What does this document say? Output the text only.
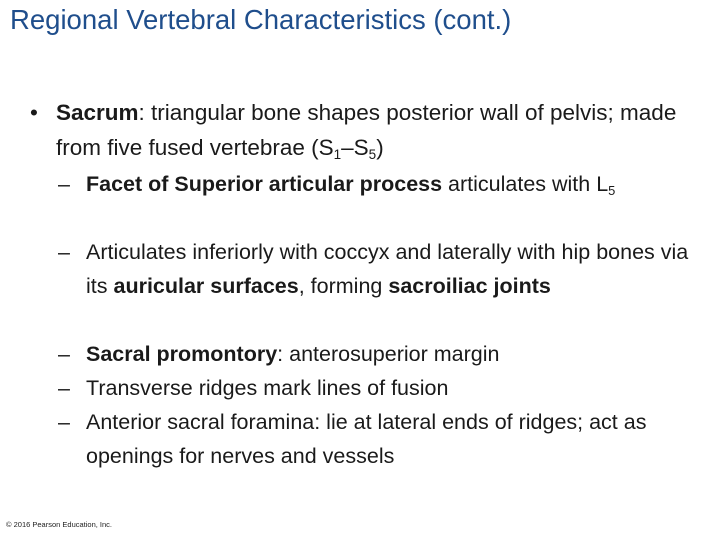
Regional Vertebral Characteristics (cont.)
• Sacrum: triangular bone shapes posterior wall of pelvis; made from five fused vertebrae $(S_1-S_5)$
– Facet of Superior articular process articulates with $L_5$
– Articulates inferiorly with coccyx and laterally with hip bones via its auricular surfaces, forming sacroiliac joints
– Sacral promontory: anterosuperior margin
– Transverse ridges mark lines of fusion
– Anterior sacral foramina: lie at lateral ends of ridges; act as openings for nerves and vessels
© 2016 Pearson Education, Inc.
